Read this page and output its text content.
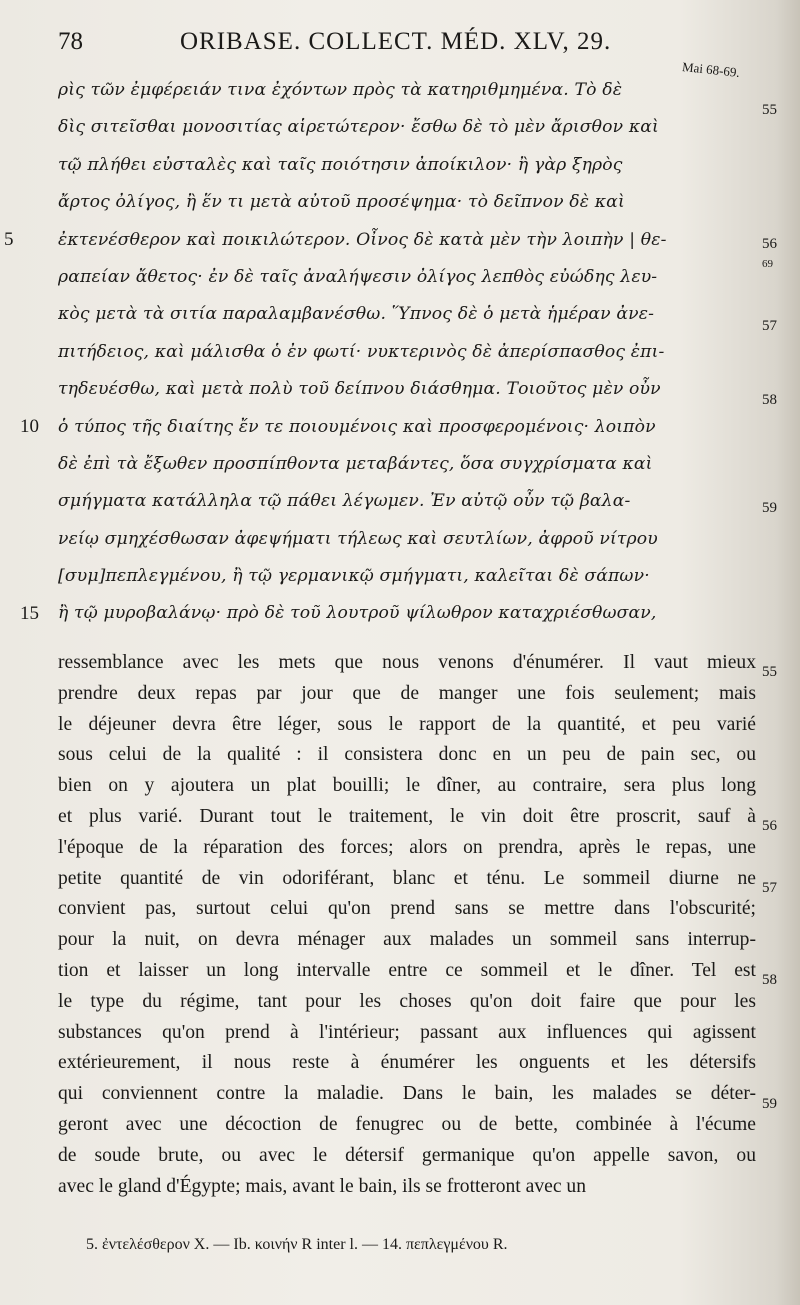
78	ORIBASE. COLLECT. MÉD. XLV, 29.
Mai 68-69.
ρὶς τῶν ἐμφέρειάν τινα ἐχόντων πρὸς τὰ κατηριθμημένα. Τὸ δὲ
δὶς σιτεῖσθαι μονοσιτίας αἱρετώτερον· ἔσθω δὲ τὸ μὲν ἄρισθον καὶ
τῷ πλήθει εὐσταλὲς καὶ ταῖς ποιότησιν ἀποίκιλον· ἢ γὰρ ξηρὸς
ἄρτος ὀλίγος, ἢ ἕν τι μετὰ αὐτοῦ προσέψημα· τὸ δεῖπνον δὲ καὶ
ἐκτενέσθερον καὶ ποικιλώτερον. Οἶνος δὲ κατὰ μὲν τὴν λοιπὴν | θε-
ραπείαν ἄθετος· ἐν δὲ ταῖς ἀναλήψεσιν ὀλίγος λεπθὸς εὐώδης λευ-
κὸς μετὰ τὰ σιτία παραλαμβανέσθω. Ὕπνος δὲ ὁ μετὰ ἡμέραν ἀνε-
πιτήδειος, καὶ μάλισθα ὁ ἐν φωτί· νυκτερινὸς δὲ ἀπερίσπασθος ἐπι-
τηδευέσθω, καὶ μετὰ πολὺ τοῦ δείπνου διάσθημα. Τοιοῦτος μὲν οὖν
ὁ τύπος τῆς διαίτης ἔν τε ποιουμένοις καὶ προσφερομένοις· λοιπὸν
δὲ ἐπὶ τὰ ἔξωθεν προσπίπθοντα μεταβάντες, ὅσα συγχρίσματα καὶ
σμήγματα κατάλληλα τῷ πάθει λέγωμεν. Ἐν αὐτῷ οὖν τῷ βαλα-
νείῳ σμηχέσθωσαν ἀφεψήματι τήλεως καὶ σευτλίων, ἀφροῦ νίτρου
[συμ]πεπλεγμένου, ἢ τῷ γερμανικῷ σμήγματι, καλεῖται δὲ σάπων·
ἢ τῷ μυροβαλάνῳ· πρὸ δὲ τοῦ λουτροῦ ψίλωθρον καταχριέσθωσαν,
5
10
15
55
56
69
57
58
59
ressemblance avec les mets que nous venons d'énumérer. Il vaut mieux
prendre deux repas par jour que de manger une fois seulement; mais
le déjeuner devra être léger, sous le rapport de la quantité, et peu varié
sous celui de la qualité : il consistera donc en un peu de pain sec, ou
bien on y ajoutera un plat bouilli; le dîner, au contraire, sera plus long
et plus varié. Durant tout le traitement, le vin doit être proscrit, sauf à
l'époque de la réparation des forces; alors on prendra, après le repas, une
petite quantité de vin odoriférant, blanc et ténu. Le sommeil diurne ne
convient pas, surtout celui qu'on prend sans se mettre dans l'obscurité;
pour la nuit, on devra ménager aux malades un sommeil sans interrup-
tion et laisser un long intervalle entre ce sommeil et le dîner. Tel est
le type du régime, tant pour les choses qu'on doit faire que pour les
substances qu'on prend à l'intérieur; passant aux influences qui agissent
extérieurement, il nous reste à énumérer les onguents et les détersifs
qui conviennent contre la maladie. Dans le bain, les malades se déter-
geront avec une décoction de fenugrec ou de bette, combinée à l'écume
de soude brute, ou avec le détersif germanique qu'on appelle savon, ou
avec le gland d'Égypte; mais, avant le bain, ils se frotteront avec un
55
56
57
58
59
5. ἐντελέσθερον X. — Ib. κοινήν R inter l. — 14. πεπλεγμένου R.
